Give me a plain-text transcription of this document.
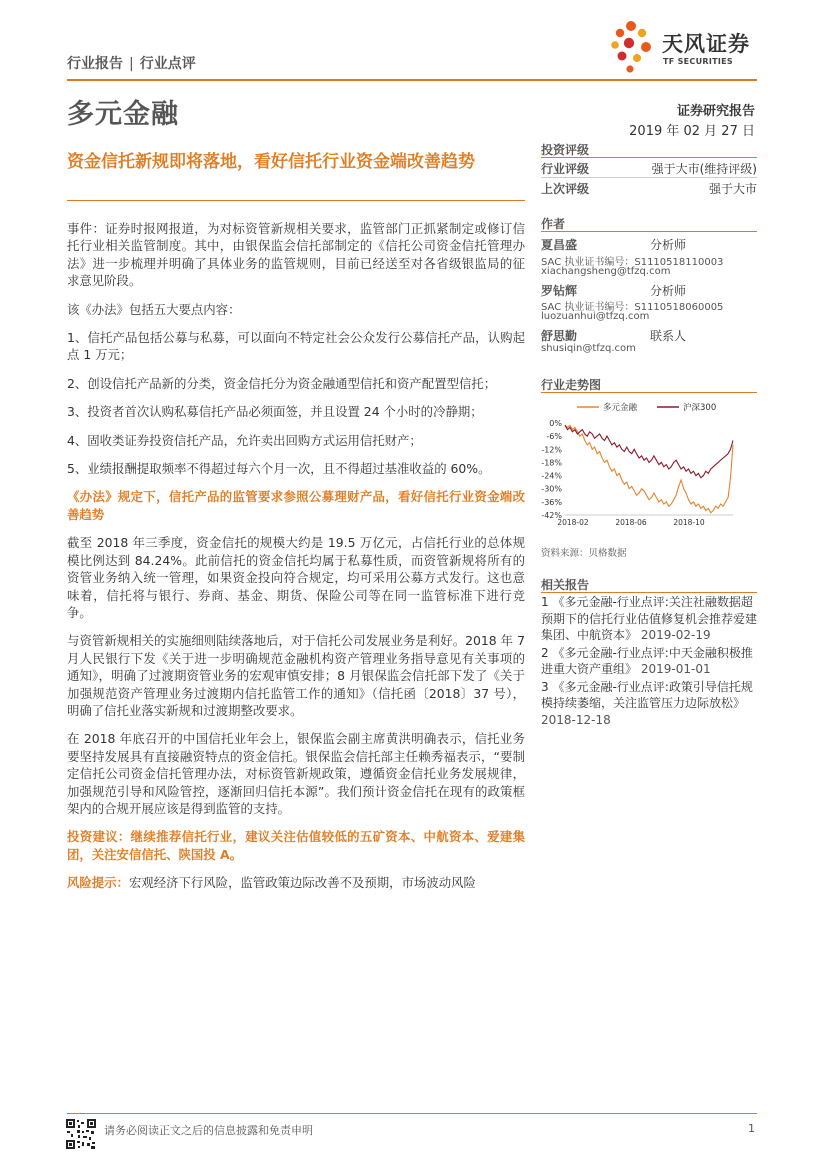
行业报告 | 行业点评
天风证券
TF SECURITIES
多元金融	证券研究报告
2019 年 02 月 27 日
资金信托新规即将落地，看好信托行业资金端改善趋势

事件：证券时报网报道，为对标资管新规相关要求，监管部门正抓紧制定或修订信托行业相关监管制度。其中，由银保监会信托部制定的《信托公司资金信托管理办法》进一步梳理并明确了具体业务的监管规则，目前已经送至对各省级银监局的征求意见阶段。

该《办法》包括五大要点内容：

1、信托产品包括公募与私募，可以面向不特定社会公众发行公募信托产品，认购起点 1 万元；

2、创设信托产品新的分类，资金信托分为资金融通型信托和资产配置型信托；

3、投资者首次认购私募信托产品必须面签，并且设置 24 个小时的冷静期；

4、固收类证券投资信托产品，允许卖出回购方式运用信托财产；

5、业绩报酬提取频率不得超过每六个月一次，且不得超过基准收益的 60%。

《办法》规定下，信托产品的监管要求参照公募理财产品，看好信托行业资金端改善趋势

截至 2018 年三季度，资金信托的规模大约是 19.5 万亿元，占信托行业的总体规模比例达到 84.24%。此前信托的资金信托均属于私募性质，而资管新规将所有的资管业务纳入统一管理，如果资金投向符合规定，均可采用公募方式发行。这也意味着，信托将与银行、券商、基金、期货、保险公司等在同一监管标准下进行竞争。

与资管新规相关的实施细则陆续落地后，对于信托公司发展业务是利好。2018 年 7 月人民银行下发《关于进一步明确规范金融机构资产管理业务指导意见有关事项的通知》，明确了过渡期资管业务的宏观审慎安排；8 月银保监会信托部下发了《关于加强规范资产管理业务过渡期内信托监管工作的通知》（信托函〔2018〕37 号），明确了信托业落实新规和过渡期整改要求。

在 2018 年底召开的中国信托业年会上，银保监会副主席黄洪明确表示，信托业务要坚持发展具有直接融资特点的资金信托。银保监会信托部主任赖秀福表示，“要制定信托公司资金信托管理办法，对标资管新规政策，遵循资金信托业务发展规律，加强规范引导和风险管控，逐渐回归信托本源”。我们预计资金信托在现有的政策框架内的合规开展应该是得到监管的支持。

投资建议：继续推荐信托行业，建议关注估值较低的五矿资本、中航资本、爱建集团，关注安信信托、陕国投 A。

风险提示：宏观经济下行风险，监管政策边际改善不及预期，市场波动风险

投资评级
行业评级	强于大市(维持评级)
上次评级	强于大市
作者
夏昌盛	分析师
SAC 执业证书编号：S1110518110003
xiachangsheng@tfzq.com
罗钻辉	分析师
SAC 执业证书编号：S1110518060005
luozuanhui@tfzq.com
舒思勤	联系人
shusiqin@tfzq.com
行业走势图
多元金融	沪深300
0%
-6%
-12%
-18%
-24%
-30%
-36%
-42%
2018-02	2018-06	2018-10
资料来源：贝格数据
相关报告
1 《多元金融-行业点评:关注社融数据超预期下的信托行业估值修复机会推荐爱建集团、中航资本》 2019-02-19
2 《多元金融-行业点评:中天金融积极推进重大资产重组》 2019-01-01
3 《多元金融-行业点评:政策引导信托规模持续萎缩，关注监管压力边际放松》 2018-12-18
请务必阅读正文之后的信息披露和免责申明	1
